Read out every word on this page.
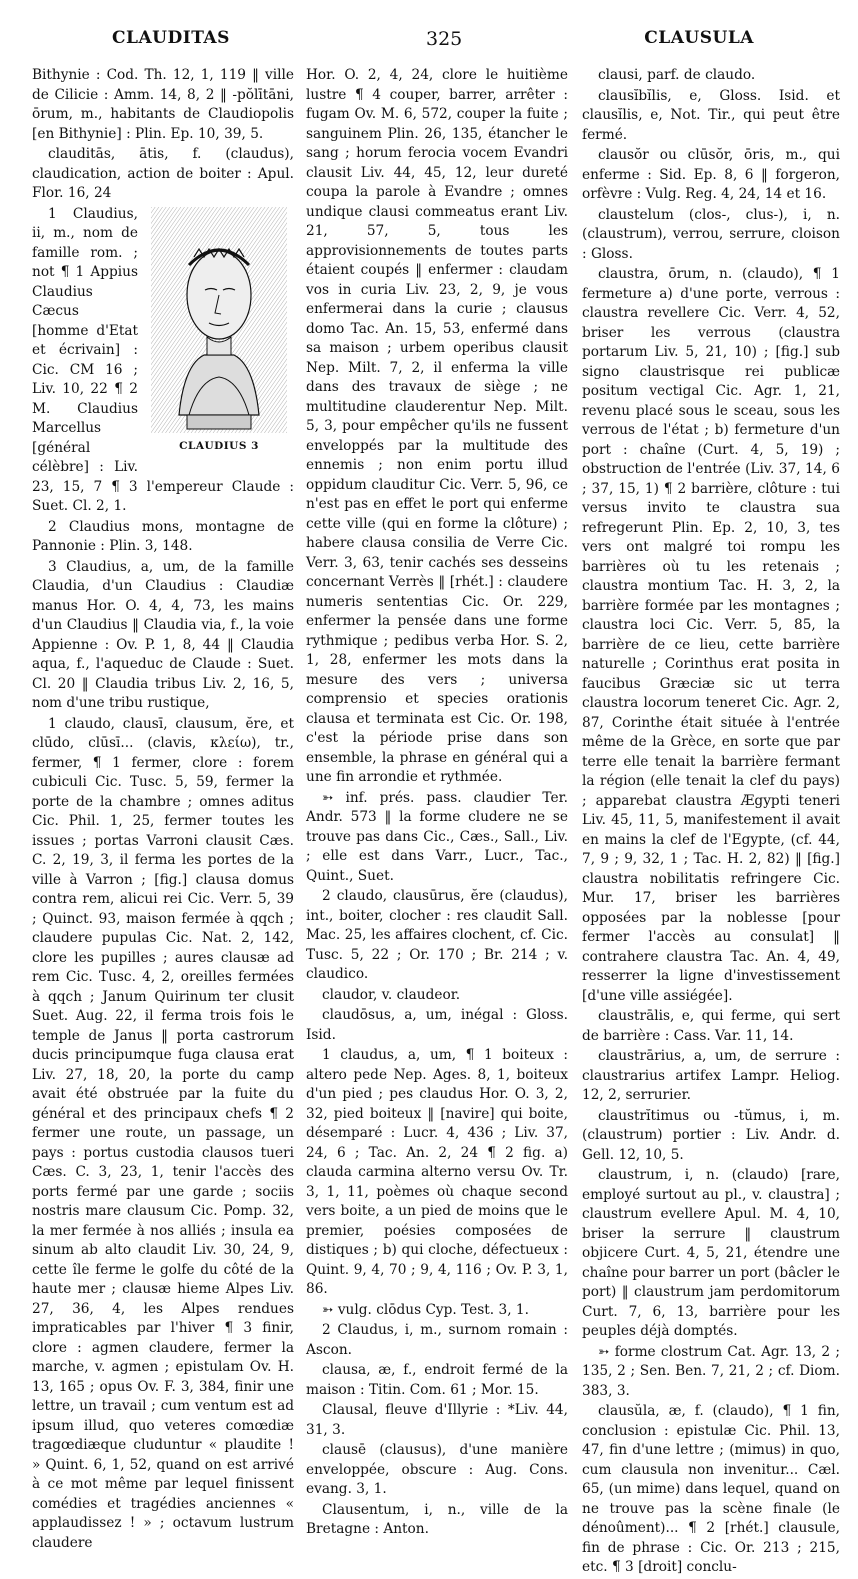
CLAUDITAS	325	CLAUSULA

Bithynie : Cod. Th. 12, 1, 119 ‖ ville de Cilicie : Amm. 14, 8, 2 ‖ -pŏlītāni, ōrum, m., habitants de Claudiopolis [en Bithynie] : Plin. Ep. 10, 39, 5.

clauditās, ātis, f. (claudus), claudication, action de boiter : Apul. Flor. 16, 24

CLAUDIUS 3

1 Claudius, ii, m., nom de famille rom. ; not ¶ 1 Appius Claudius Cæcus [homme d'Etat et écrivain] : Cic. CM 16 ; Liv. 10, 22 ¶ 2 M. Claudius Marcellus [général célèbre] : Liv. 23, 15, 7 ¶ 3 l'empereur Claude : Suet. Cl. 2, 1.

2 Claudius mons, montagne de Pannonie : Plin. 3, 148.

3 Claudius, a, um, de la famille Claudia, d'un Claudius : Claudiæ manus Hor. O. 4, 4, 73, les mains d'un Claudius ‖ Claudia via, f., la voie Appienne : Ov. P. 1, 8, 44 ‖ Claudia aqua, f., l'aqueduc de Claude : Suet. Cl. 20 ‖ Claudia tribus Liv. 2, 16, 5, nom d'une tribu rustique,

1 claudo, clausī, clausum, ĕre, et clūdo, clūsī... (clavis, κλείω), tr., fermer, ¶ 1 fermer, clore : forem cubiculi Cic. Tusc. 5, 59, fermer la porte de la chambre ; omnes aditus Cic. Phil. 1, 25, fermer toutes les issues ; portas Varroni clausit Cæs. C. 2, 19, 3, il ferma les portes de la ville à Varron ; [fig.] clausa domus contra rem, alicui rei Cic. Verr. 5, 39 ; Quinct. 93, maison fermée à qqch ; claudere pupulas Cic. Nat. 2, 142, clore les pupilles ; aures clausæ ad rem Cic. Tusc. 4, 2, oreilles fermées à qqch ; Janum Quirinum ter clusit Suet. Aug. 22, il ferma trois fois le temple de Janus ‖ porta castrorum ducis principumque fuga clausa erat Liv. 27, 18, 20, la porte du camp avait été obstruée par la fuite du général et des principaux chefs ¶ 2 fermer une route, un passage, un pays : portus custodia clausos tueri Cæs. C. 3, 23, 1, tenir l'accès des ports fermé par une garde ; sociis nostris mare clausum Cic. Pomp. 32, la mer fermée à nos alliés ; insula ea sinum ab alto claudit Liv. 30, 24, 9, cette île ferme le golfe du côté de la haute mer ; clausæ hieme Alpes Liv. 27, 36, 4, les Alpes rendues impraticables par l'hiver ¶ 3 finir, clore : agmen claudere, fermer la marche, v. agmen ; epistulam Ov. H. 13, 165 ; opus Ov. F. 3, 384, finir une lettre, un travail ; cum ventum est ad ipsum illud, quo veteres comœdiæ tragœdiæque cluduntur « plaudite ! » Quint. 6, 1, 52, quand on est arrivé à ce mot même par lequel finissent comédies et tragédies anciennes « applaudissez ! » ; octavum lustrum claudere

Hor. O. 2, 4, 24, clore le huitième lustre ¶ 4 couper, barrer, arrêter : fugam Ov. M. 6, 572, couper la fuite ; sanguinem Plin. 26, 135, étancher le sang ; horum ferocia vocem Evandri clausit Liv. 44, 45, 12, leur dureté coupa la parole à Evandre ; omnes undique clausi commeatus erant Liv. 21, 57, 5, tous les approvisionnements de toutes parts étaient coupés ‖ enfermer : claudam vos in curia Liv. 23, 2, 9, je vous enfermerai dans la curie ; clausus domo Tac. An. 15, 53, enfermé dans sa maison ; urbem operibus clausit Nep. Milt. 7, 2, il enferma la ville dans des travaux de siège ; ne multitudine clauderentur Nep. Milt. 5, 3, pour empêcher qu'ils ne fussent enveloppés par la multitude des ennemis ; non enim portu illud oppidum clauditur Cic. Verr. 5, 96, ce n'est pas en effet le port qui enferme cette ville (qui en forme la clôture) ; habere clausa consilia de Verre Cic. Verr. 3, 63, tenir cachés ses desseins concernant Verrès ‖ [rhét.] : claudere numeris sententias Cic. Or. 229, enfermer la pensée dans une forme rythmique ; pedibus verba Hor. S. 2, 1, 28, enfermer les mots dans la mesure des vers ; universa comprensio et species orationis clausa et terminata est Cic. Or. 198, c'est la période prise dans son ensemble, la phrase en général qui a une fin arrondie et rythmée.

➳ inf. prés. pass. claudier Ter. Andr. 573 ‖ la forme cludere ne se trouve pas dans Cic., Cæs., Sall., Liv. ; elle est dans Varr., Lucr., Tac., Quint., Suet.

2 claudo, clausūrus, ĕre (claudus), int., boiter, clocher : res claudit Sall. Mac. 25, les affaires clochent, cf. Cic. Tusc. 5, 22 ; Or. 170 ; Br. 214 ; v. claudico.

claudor, v. claudeor.

claudōsus, a, um, inégal : Gloss. Isid.

1 claudus, a, um, ¶ 1 boiteux : altero pede Nep. Ages. 8, 1, boiteux d'un pied ; pes claudus Hor. O. 3, 2, 32, pied boiteux ‖ [navire] qui boite, désemparé : Lucr. 4, 436 ; Liv. 37, 24, 6 ; Tac. An. 2, 24 ¶ 2 fig. a) clauda carmina alterno versu Ov. Tr. 3, 1, 11, poèmes où chaque second vers boite, a un pied de moins que le premier, poésies composées de distiques ; b) qui cloche, défectueux : Quint. 9, 4, 70 ; 9, 4, 116 ; Ov. P. 3, 1, 86.

➳ vulg. clōdus Cyp. Test. 3, 1.

2 Claudus, i, m., surnom romain : Ascon.

clausa, æ, f., endroit fermé de la maison : Titin. Com. 61 ; Mor. 15.

Clausal, fleuve d'Illyrie : *Liv. 44, 31, 3.

clausē (clausus), d'une manière enveloppée, obscure : Aug. Cons. evang. 3, 1.

Clausentum, i, n., ville de la Bretagne : Anton.

clausi, parf. de claudo.

clausĭbĭlis, e, Gloss. Isid. et clausĭlis, e, Not. Tir., qui peut être fermé.

clausŏr ou clūsŏr, ōris, m., qui enferme : Sid. Ep. 8, 6 ‖ forgeron, orfèvre : Vulg. Reg. 4, 24, 14 et 16.

claustelum (clos-, clus-), i, n. (claustrum), verrou, serrure, cloison : Gloss.

claustra, ōrum, n. (claudo), ¶ 1 fermeture a) d'une porte, verrous : claustra revellere Cic. Verr. 4, 52, briser les verrous (claustra portarum Liv. 5, 21, 10) ; [fig.] sub signo claustrisque rei publicæ positum vectigal Cic. Agr. 1, 21, revenu placé sous le sceau, sous les verrous de l'état ; b) fermeture d'un port : chaîne (Curt. 4, 5, 19) ; obstruction de l'entrée (Liv. 37, 14, 6 ; 37, 15, 1) ¶ 2 barrière, clôture : tui versus invito te claustra sua refregerunt Plin. Ep. 2, 10, 3, tes vers ont malgré toi rompu les barrières où tu les retenais ; claustra montium Tac. H. 3, 2, la barrière formée par les montagnes ; claustra loci Cic. Verr. 5, 85, la barrière de ce lieu, cette barrière naturelle ; Corinthus erat posita in faucibus Græciæ sic ut terra claustra locorum teneret Cic. Agr. 2, 87, Corinthe était située à l'entrée même de la Grèce, en sorte que par terre elle tenait la barrière fermant la région (elle tenait la clef du pays) ; apparebat claustra Ægypti teneri Liv. 45, 11, 5, manifestement il avait en mains la clef de l'Egypte, (cf. 44, 7, 9 ; 9, 32, 1 ; Tac. H. 2, 82) ‖ [fig.] claustra nobilitatis refringere Cic. Mur. 17, briser les barrières opposées par la noblesse [pour fermer l'accès au consulat] ‖ contrahere claustra Tac. An. 4, 49, resserrer la ligne d'investissement [d'une ville assiégée].

claustrālis, e, qui ferme, qui sert de barrière : Cass. Var. 11, 14.

claustrārius, a, um, de serrure : claustrarius artifex Lampr. Heliog. 12, 2, serrurier.

claustrĭtimus ou -tŭmus, i, m. (claustrum) portier : Liv. Andr. d. Gell. 12, 10, 5.

claustrum, i, n. (claudo) [rare, employé surtout au pl., v. claustra] ; claustrum evellere Apul. M. 4, 10, briser la serrure ‖ claustrum objicere Curt. 4, 5, 21, étendre une chaîne pour barrer un port (bâcler le port) ‖ claustrum jam perdomitorum Curt. 7, 6, 13, barrière pour les peuples déjà domptés.

➳ forme clostrum Cat. Agr. 13, 2 ; 135, 2 ; Sen. Ben. 7, 21, 2 ; cf. Diom. 383, 3.

clausŭla, æ, f. (claudo), ¶ 1 fin, conclusion : epistulæ Cic. Phil. 13, 47, fin d'une lettre ; (mimus) in quo, cum clausula non invenitur... Cæl. 65, (un mime) dans lequel, quand on ne trouve pas la scène finale (le dénoûment)... ¶ 2 [rhét.] clausule, fin de phrase : Cic. Or. 213 ; 215, etc. ¶ 3 [droit] conclu-
